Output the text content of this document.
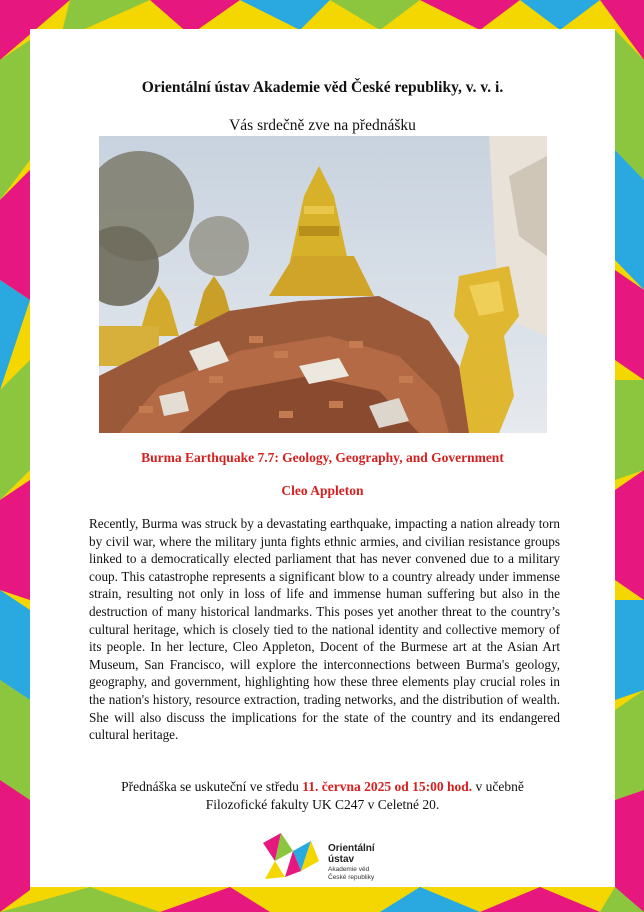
Orientální ústav Akademie věd České republiky, v. v. i.
Vás srdečně zve na přednášku
Burma Earthquake 7.7: Geology, Geography, and Government
Cleo Appleton

Recently, Burma was struck by a devastating earthquake, impacting a nation already torn by civil war, where the military junta fights ethnic armies, and civilian resistance groups linked to a democratically elected parliament that has never convened due to a military coup. This catastrophe represents a significant blow to a country already under immense strain, resulting not only in loss of life and immense human suffering but also in the destruction of many historical landmarks. This poses yet another threat to the country’s cultural heritage, which is closely tied to the national identity and collective memory of its people. In her lecture, Cleo Appleton, Docent of the Burmese art at the Asian Art Museum, San Francisco, will explore the interconnections between Burma's geology, geography, and government, highlighting how these three elements play crucial roles in the nation's history, resource extraction, trading networks, and the distribution of wealth. She will also discuss the implications for the state of the country and its endangered cultural heritage.

Přednáška se uskuteční ve středu 11. června 2025 od 15:00 hod. v učebně
Filozofické fakulty UK C247 v Celetné 20.
Orientální
ústav
Akademie věd
České republiky
